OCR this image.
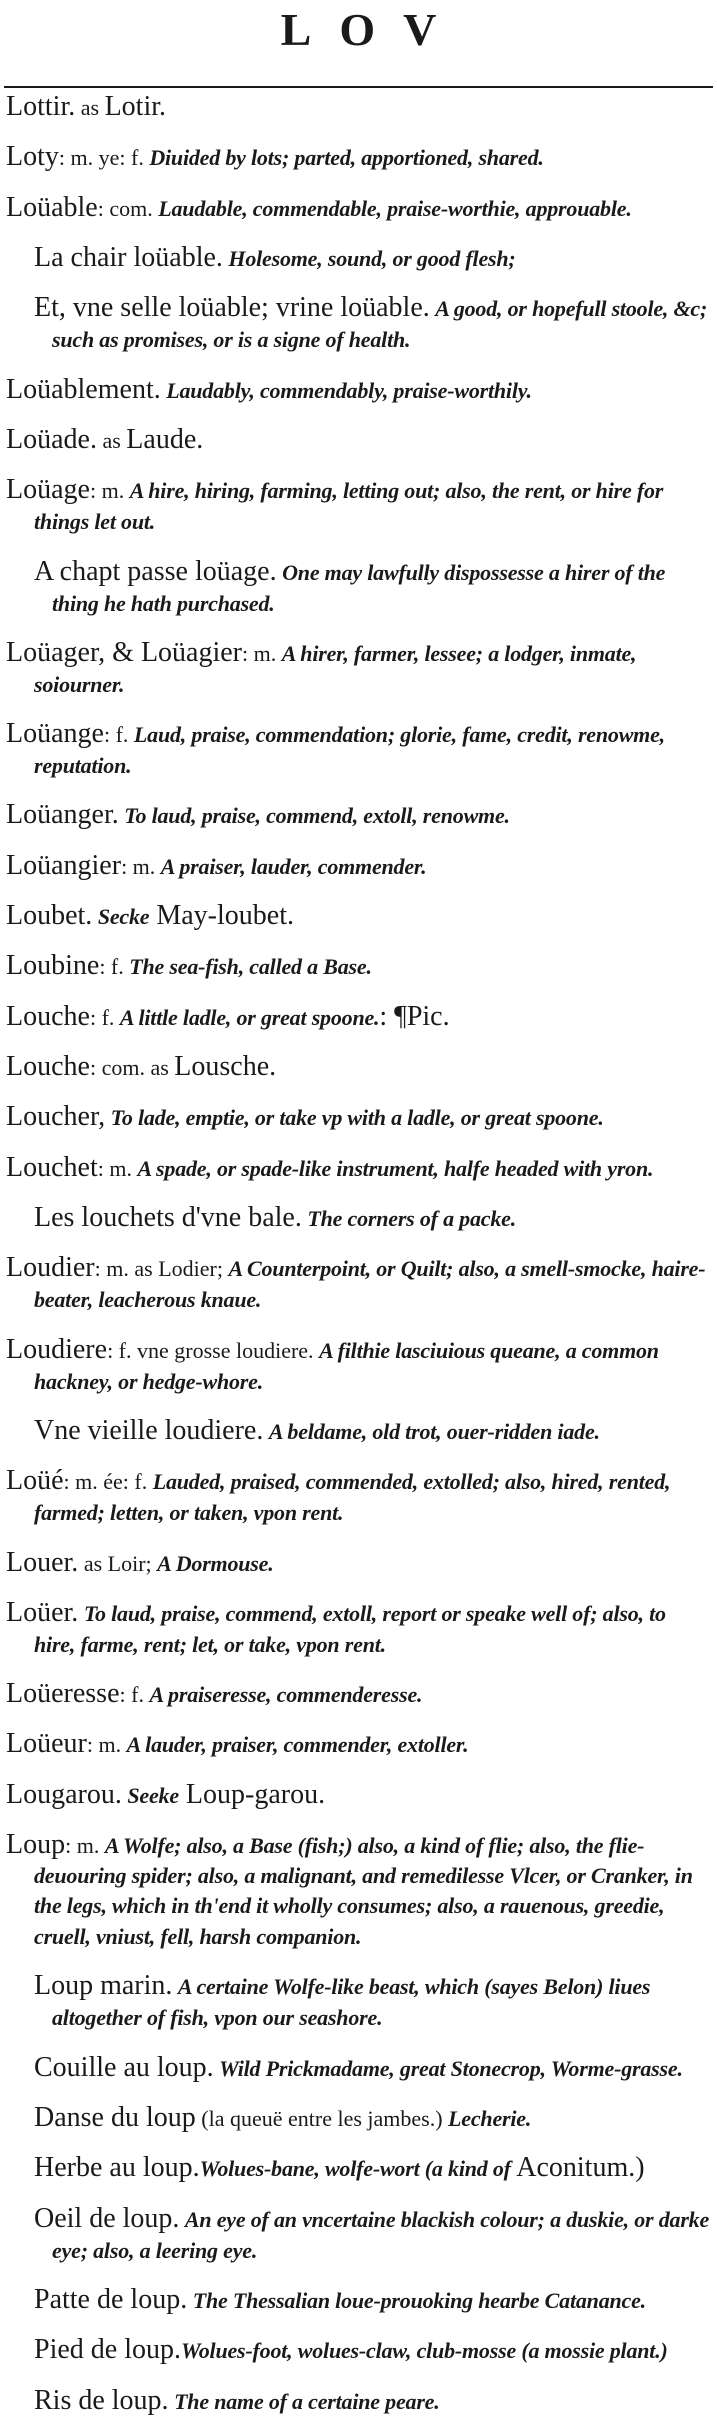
LOV
Lottir. as Lotir.
Loty: m. ye: f. Diuided by lots; parted, apportioned, shared.
Loüable: com. Laudable, commendable, praise-worthie, approuable.
La chair loüable. Holesome, sound, or good flesh;
Et, vne selle loüable; vrine loüable. A good, or hopefull stoole, &c; such as promises, or is a signe of health.
Loüablement. Laudably, commendably, praise-worthily.
Loüade. as Laude.
Loüage: m. A hire, hiring, farming, letting out; also, the rent, or hire for things let out.
A chapt passe loüage. One may lawfully dispossesse a hirer of the thing he hath purchased.
Loüager, & Loüagier: m. A hirer, farmer, lessee; a lodger, inmate, soiourner.
Loüange: f. Laud, praise, commendation; glorie, fame, credit, renowme, reputation.
Loüanger. To laud, praise, commend, extoll, renowme.
Loüangier: m. A praiser, lauder, commender.
Loubet. Secke May-loubet.
Loubine: f. The sea-fish, called a Base.
Louche: f. A little ladle, or great spoone.: ¶Pic.
Louche: com. as Lousche.
Loucher, To lade, emptie, or take vp with a ladle, or great spoone.
Louchet: m. A spade, or spade-like instrument, halfe headed with yron.
Les louchets d'vne bale. The corners of a packe.
Loudier: m. as Lodier; A Counterpoint, or Quilt; also, a smell-smocke, haire-beater, leacherous knaue.
Loudiere: f. vne grosse loudiere. A filthie lasciuious queane, a common hackney, or hedge-whore.
Vne vieille loudiere. A beldame, old trot, ouer-ridden iade.
Loüé: m. ée: f. Lauded, praised, commended, extolled; also, hired, rented, farmed; letten, or taken, vpon rent.
Louer. as Loir; A Dormouse.
Loüer. To laud, praise, commend, extoll, report or speake well of; also, to hire, farme, rent; let, or take, vpon rent.
Loüeresse: f. A praiseresse, commenderesse.
Loüeur: m. A lauder, praiser, commender, extoller.
Lougarou. Seeke Loup-garou.
Loup: m. A Wolfe; also, a Base (fish;) also, a kind of flie; also, the flie-deuouring spider; also, a malignant, and remedilesse Vlcer, or Cranker, in the legs, which in th'end it wholly consumes; also, a rauenous, greedie, cruell, vniust, fell, harsh companion.
Loup marin. A certaine Wolfe-like beast, which (sayes Belon) liues altogether of fish, vpon our seashore.
Couille au loup. Wild Prickmadame, great Stonecrop, Worme-grasse.
Danse du loup (la queuë entre les jambes.) Lecherie.
Herbe au loup.Wolues-bane, wolfe-wort (a kind of Aconitum.)
Oeil de loup. An eye of an vncertaine blackish colour; a duskie, or darke eye; also, a leering eye.
Patte de loup. The Thessalian loue-prouoking hearbe Catanance.
Pied de loup.Wolues-foot, wolues-claw, club-mosse (a mossie plant.)
Ris de loup. The name of a certaine peare.
